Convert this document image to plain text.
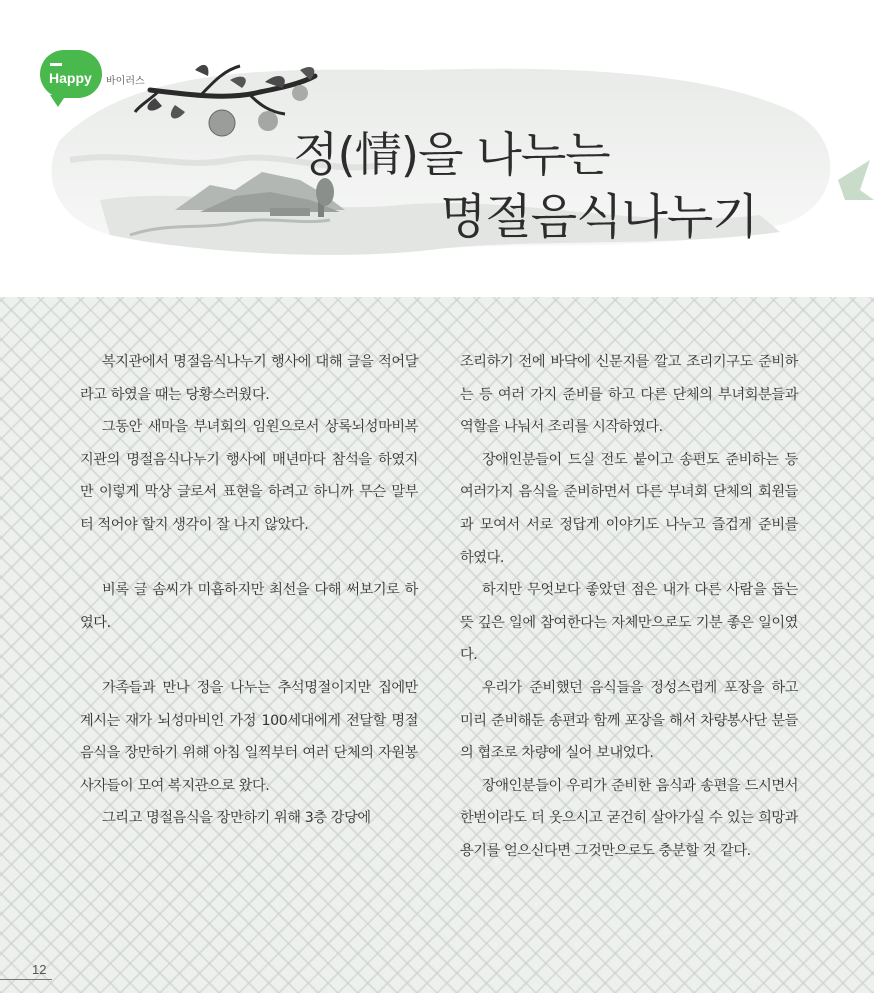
Happy 바이러스
정(情)을 나누는
명절음식나누기
복지관에서 명절음식나누기 행사에 대해 글을 적어달라고 하였을 때는 당황스러웠다.
그동안 새마을 부녀회의 임원으로서 상록뇌성마비복지관의 명절음식나누기 행사에 매년마다 참석을 하였지만 이렇게 막상 글로서 표현을 하려고 하니까 무슨 말부터 적어야 할지 생각이 잘 나지 않았다.
비록 글 솜씨가 미흡하지만 최선을 다해 써보기로 하였다.
가족들과 만나 정을 나누는 추석명절이지만 집에만 계시는 재가 뇌성마비인 가정 100세대에게 전달할 명절음식을 장만하기 위해 아침 일찍부터 여러 단체의 자원봉사자들이 모여 복지관으로 왔다.
그리고 명절음식을 장만하기 위해 3층 강당에
조리하기 전에 바닥에 신문지를 깔고 조리기구도 준비하는 등 여러 가지 준비를 하고 다른 단체의 부녀회분들과 역할을 나눠서 조리를 시작하였다.
장애인분들이 드실 전도 붙이고 송편도 준비하는 등 여러가지 음식을 준비하면서 다른 부녀회 단체의 회원들과 모여서 서로 정답게 이야기도 나누고 즐겁게 준비를 하였다.
하지만 무엇보다 좋았던 점은 내가 다른 사람을 돕는 뜻 깊은 일에 참여한다는 자체만으로도 기분 좋은 일이였다.
우리가 준비했던 음식들을 정성스럽게 포장을 하고 미리 준비해둔 송편과 함께 포장을 해서 차량봉사단 분들의 협조로 차량에 실어 보내었다.
장애인분들이 우리가 준비한 음식과 송편을 드시면서 한번이라도 더 웃으시고 굳건히 살아가실 수 있는 희망과 용기를 얻으신다면 그것만으로도 충분할 것 같다.
12
